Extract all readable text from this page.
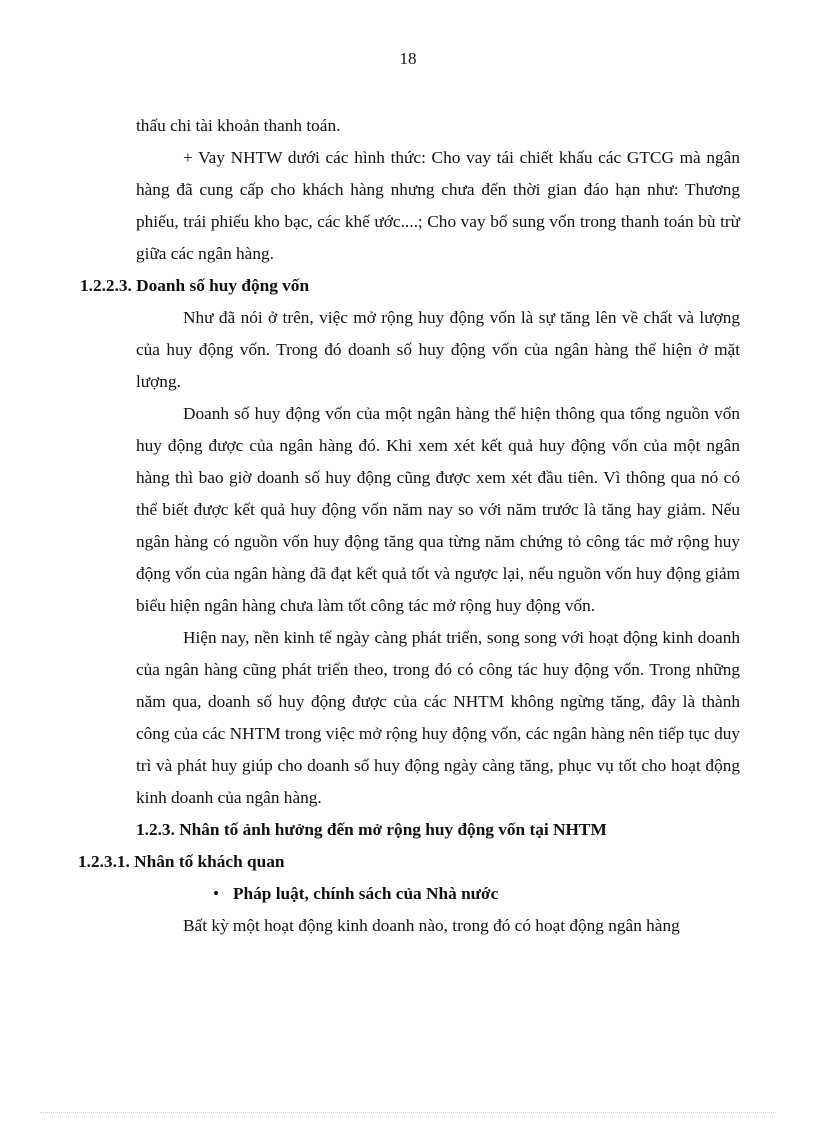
18

thấu chi tài khoản thanh toán.

+ Vay NHTW dưới các hình thức: Cho vay tái chiết khấu các GTCG mà ngân hàng đã cung cấp cho khách hàng nhưng chưa đến thời gian đáo hạn như: Thương phiếu, trái phiếu kho bạc, các khế ước....; Cho vay bổ sung vốn trong thanh toán bù trừ giữa các ngân hàng.

1.2.2.3. Doanh số huy động vốn

Như đã nói ở trên, việc mở rộng huy động vốn là sự tăng lên về chất và lượng của huy động vốn. Trong đó doanh số huy động vốn của ngân hàng thể hiện ở mặt lượng.

Doanh số huy động vốn của một ngân hàng thể hiện thông qua tổng nguồn vốn huy động được của ngân hàng đó. Khi xem xét kết quả huy động vốn của một ngân hàng thì bao giờ doanh số huy động cũng được xem xét đầu tiên. Vì thông qua nó có thể biết được kết quả huy động vốn năm nay so với năm trước là tăng hay giảm. Nếu ngân hàng có nguồn vốn huy động tăng qua từng năm chứng tỏ công tác mở rộng huy động vốn của ngân hàng đã đạt kết quả tốt và ngược lại, nếu nguồn vốn huy động giảm biểu hiện ngân hàng chưa làm tốt công tác mở rộng huy động vốn.

Hiện nay, nền kinh tế ngày càng phát triển, song song với hoạt động kinh doanh của ngân hàng cũng phát triển theo, trong đó có công tác huy động vốn. Trong những năm qua, doanh số huy động được của các NHTM không ngừng tăng, đây là thành công của các NHTM trong việc mở rộng huy động vốn, các ngân hàng nên tiếp tục duy trì và phát huy giúp cho doanh số huy động ngày càng tăng, phục vụ tốt cho hoạt động kinh doanh của ngân hàng.

1.2.3. Nhân tố ảnh hưởng đến mở rộng huy động vốn tại NHTM

1.2.3.1. Nhân tố khách quan

• Pháp luật, chính sách của Nhà nước

Bất kỳ một hoạt động kinh doanh nào, trong đó có hoạt động ngân hàng
